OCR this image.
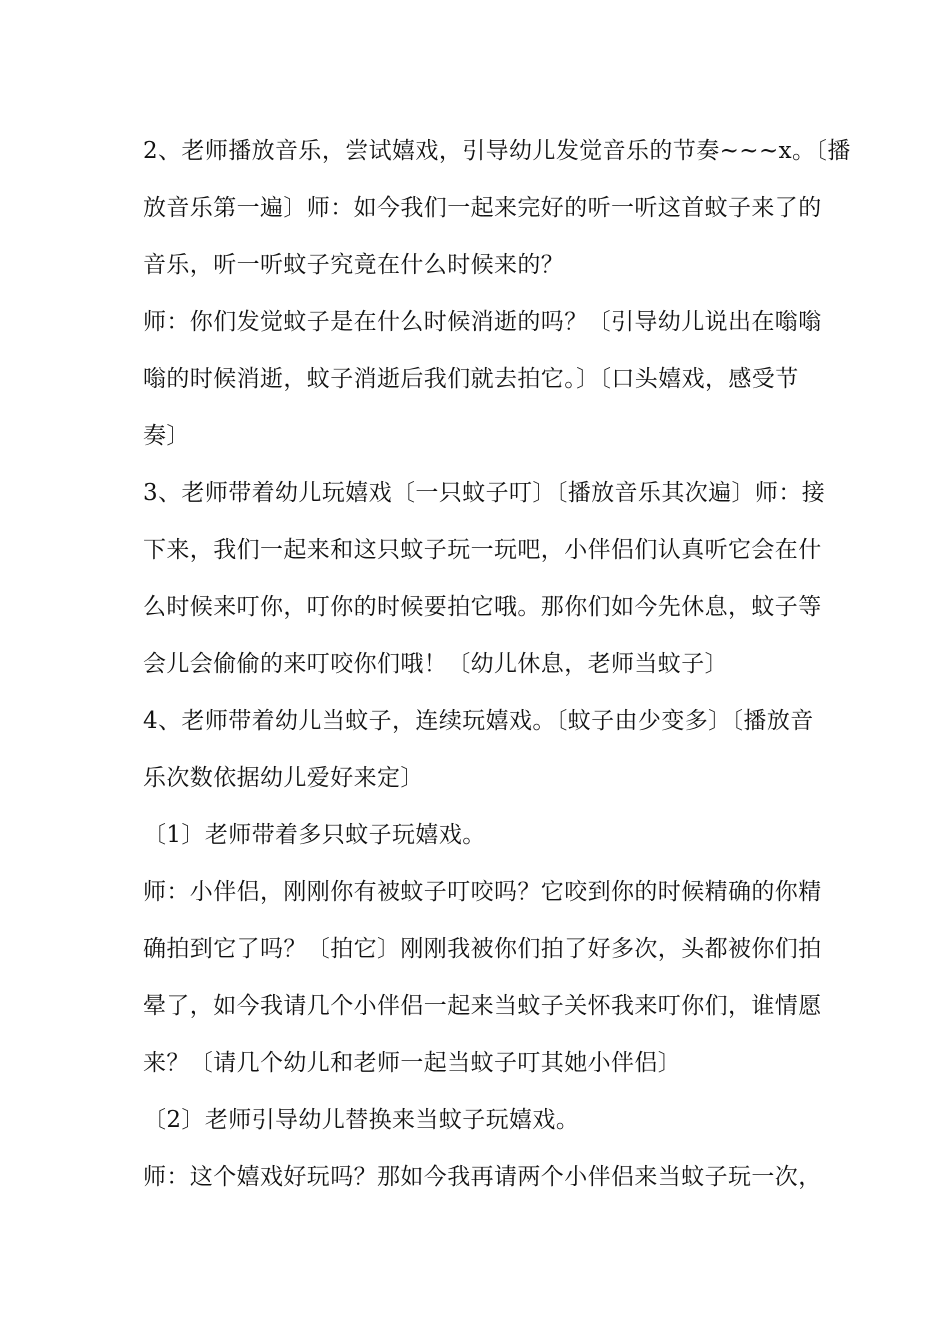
2、老师播放音乐，尝试嬉戏，引导幼儿发觉音乐的节奏~~~x。〔播
放音乐第一遍〕师：如今我们一起来完好的听一听这首蚊子来了的
音乐，听一听蚊子究竟在什么时候来的？
师：你们发觉蚊子是在什么时候消逝的吗？〔引导幼儿说出在嗡嗡
嗡的时候消逝，蚊子消逝后我们就去拍它。〕〔口头嬉戏，感受节
奏〕
3、老师带着幼儿玩嬉戏〔一只蚊子叮〕〔播放音乐其次遍〕师：接
下来，我们一起来和这只蚊子玩一玩吧，小伴侣们认真听它会在什
么时候来叮你，叮你的时候要拍它哦。那你们如今先休息，蚊子等
会儿会偷偷的来叮咬你们哦！〔幼儿休息，老师当蚊子〕
4、老师带着幼儿当蚊子，连续玩嬉戏。〔蚊子由少变多〕〔播放音
乐次数依据幼儿爱好来定〕
〔1〕老师带着多只蚊子玩嬉戏。
师：小伴侣，刚刚你有被蚊子叮咬吗？它咬到你的时候精确的你精
确拍到它了吗？〔拍它〕刚刚我被你们拍了好多次，头都被你们拍
晕了，如今我请几个小伴侣一起来当蚊子关怀我来叮你们，谁情愿
来？〔请几个幼儿和老师一起当蚊子叮其她小伴侣〕
〔2〕老师引导幼儿替换来当蚊子玩嬉戏。
师：这个嬉戏好玩吗？那如今我再请两个小伴侣来当蚊子玩一次，
